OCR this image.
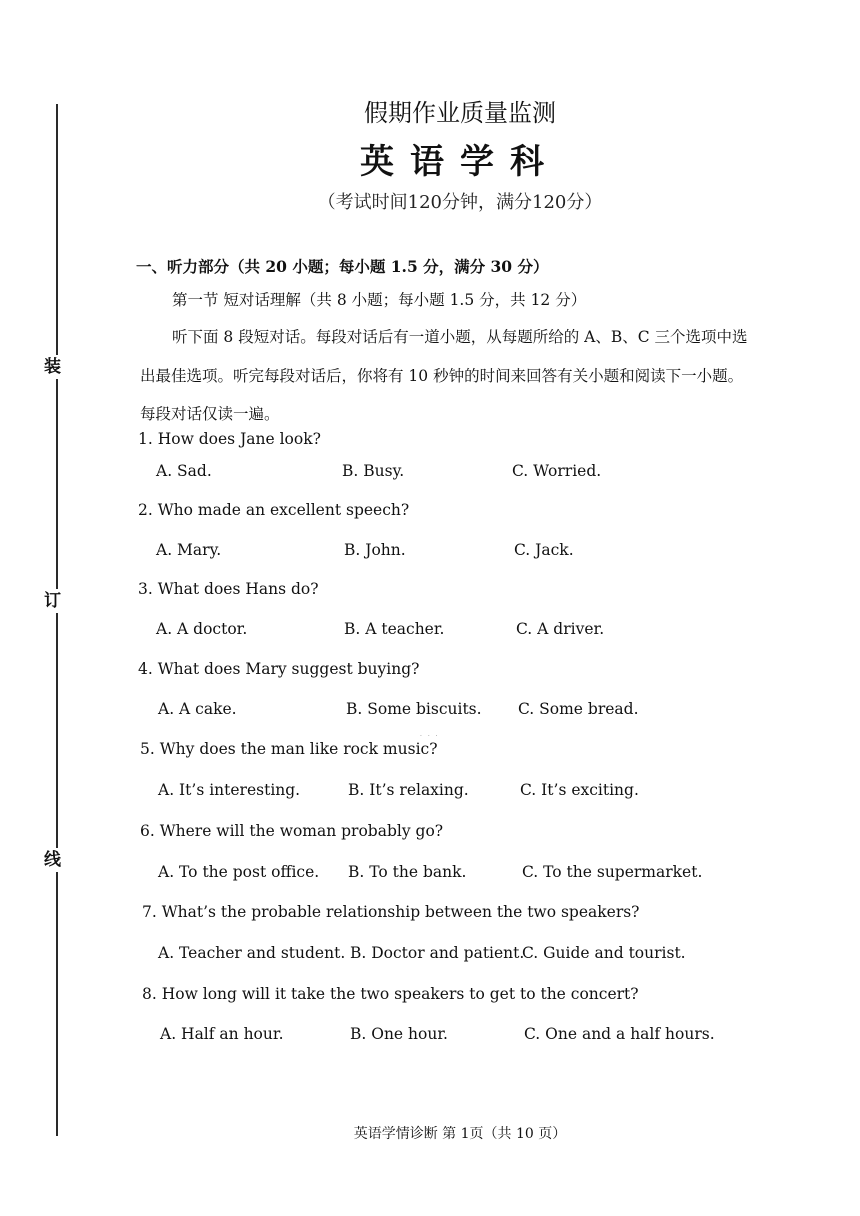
装
订
线
假期作业质量监测
英语学科
（考试时间120分钟，满分120分）
一、听力部分（共 20 小题；每小题 1.5 分，满分 30 分）
第一节 短对话理解（共 8 小题；每小题 1.5 分，共 12 分）
听下面 8 段短对话。每段对话后有一道小题，从每题所给的 A、B、C 三个选项中选
出最佳选项。听完每段对话后，你将有 10 秒钟的时间来回答有关小题和阅读下一小题。
每段对话仅读一遍。
1. How does Jane look?
A. Sad.	B. Busy.	C. Worried.
2. Who made an excellent speech?
A. Mary.	B. John.	C. Jack.
3. What does Hans do?
A. A doctor.	B. A teacher.	C. A driver.
4. What does Mary suggest buying?
A. A cake.	B. Some biscuits. C. Some bread.
5. Why does the man like rock music?
· · ·
A. It’s interesting.	B. It’s relaxing.	C. It’s exciting.
6. Where will the woman probably go?
A. To the post office. B. To the bank.	C. To the supermarket.
7. What’s the probable relationship between the two speakers?
A. Teacher and student. B. Doctor and patient.
C. Guide and tourist.
8. How long will it take the two speakers to get to the concert?
A. Half an hour.	B. One hour.	C. One and a half hours.
英语学情诊断 第 1页（共 10 页）
